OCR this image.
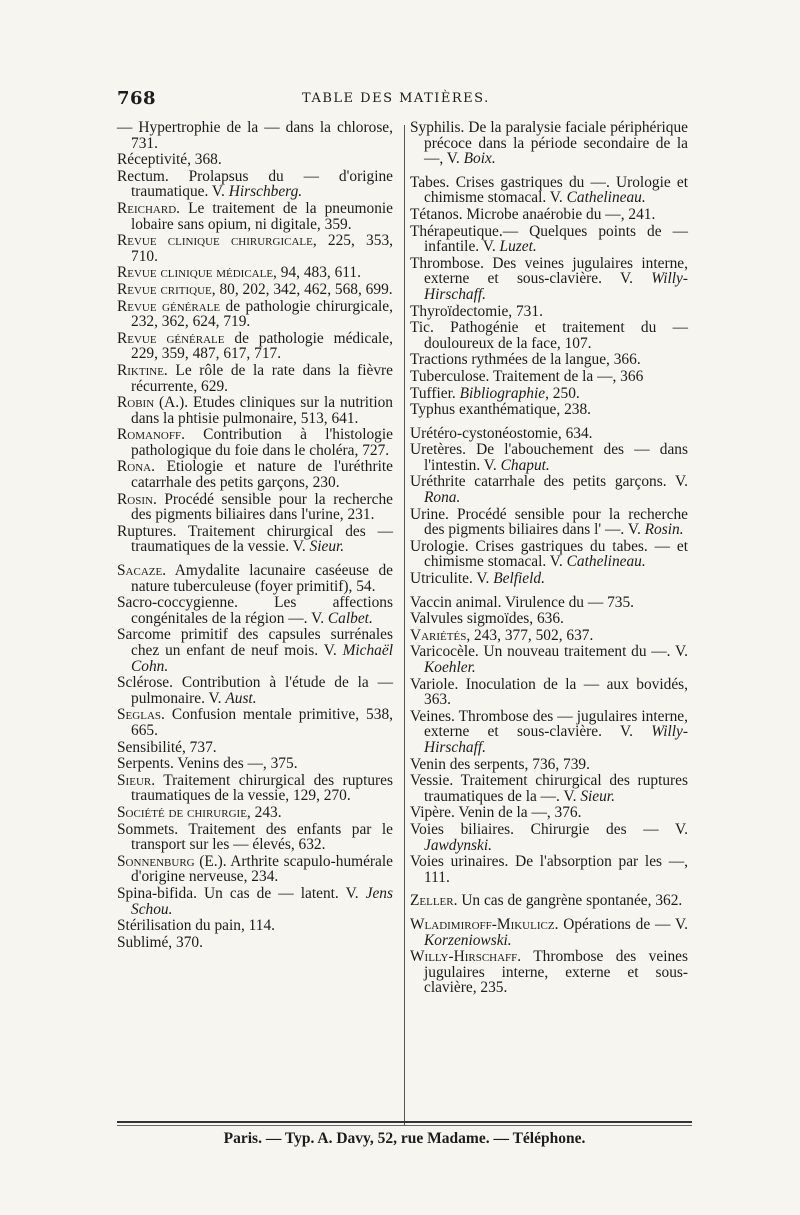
768	TABLE DES MATIÈRES.

— Hypertrophie de la — dans la chlorose, 731.

Réceptivité, 368.

Rectum. Prolapsus du — d'origine traumatique. V. Hirschberg.

Reichard. Le traitement de la pneumonie lobaire sans opium, ni digitale, 359.

Revue clinique chirurgicale, 225, 353, 710.

Revue clinique médicale, 94, 483, 611.

Revue critique, 80, 202, 342, 462, 568, 699.

Revue générale de pathologie chirurgicale, 232, 362, 624, 719.

Revue générale de pathologie médicale, 229, 359, 487, 617, 717.

Riktine. Le rôle de la rate dans la fièvre récurrente, 629.

Robin (A.). Etudes cliniques sur la nutrition dans la phtisie pulmonaire, 513, 641.

Romanoff. Contribution à l'histologie pathologique du foie dans le choléra, 727.

Rona. Etiologie et nature de l'uréthrite catarrhale des petits garçons, 230.

Rosin. Procédé sensible pour la recherche des pigments biliaires dans l'urine, 231.

Ruptures. Traitement chirurgical des — traumatiques de la vessie. V. Sieur.

Sacaze. Amydalite lacunaire caséeuse de nature tuberculeuse (foyer primitif), 54.

Sacro-coccygienne. Les affections congénitales de la région —. V. Calbet.

Sarcome primitif des capsules surrénales chez un enfant de neuf mois. V. Michaël Cohn.

Sclérose. Contribution à l'étude de la — pulmonaire. V. Aust.

Seglas. Confusion mentale primitive, 538, 665.

Sensibilité, 737.

Serpents. Venins des —, 375.

Sieur. Traitement chirurgical des ruptures traumatiques de la vessie, 129, 270.

Société de chirurgie, 243.

Sommets. Traitement des enfants par le transport sur les — élevés, 632.

Sonnenburg (E.). Arthrite scapulo-humérale d'origine nerveuse, 234.

Spina-bifida. Un cas de — latent. V. Jens Schou.

Stérilisation du pain, 114.

Sublimé, 370.

Syphilis. De la paralysie faciale périphérique précoce dans la période secondaire de la —, V. Boix.

Tabes. Crises gastriques du —. Urologie et chimisme stomacal. V. Cathelineau.

Tétanos. Microbe anaérobie du —, 241.

Thérapeutique.— Quelques points de — infantile. V. Luzet.

Thrombose. Des veines jugulaires interne, externe et sous-clavière. V. Willy-Hirschaff.

Thyroïdectomie, 731.

Tic. Pathogénie et traitement du — douloureux de la face, 107.

Tractions rythmées de la langue, 366.

Tuberculose. Traitement de la —, 366

Tuffier. Bibliographie, 250.

Typhus exanthématique, 238.

Urétéro-cystonéostomie, 634.

Uretères. De l'abouchement des — dans l'intestin. V. Chaput.

Uréthrite catarrhale des petits garçons. V. Rona.

Urine. Procédé sensible pour la recherche des pigments biliaires dans l' —. V. Rosin.

Urologie. Crises gastriques du tabes. — et chimisme stomacal. V. Cathelineau.

Utriculite. V. Belfield.

Vaccin animal. Virulence du — 735.

Valvules sigmoïdes, 636.

Variétés, 243, 377, 502, 637.

Varicocèle. Un nouveau traitement du —. V. Koehler.

Variole. Inoculation de la — aux bovidés, 363.

Veines. Thrombose des — jugulaires interne, externe et sous-clavière. V. Willy-Hirschaff.

Venin des serpents, 736, 739.

Vessie. Traitement chirurgical des ruptures traumatiques de la —. V. Sieur.

Vipère. Venin de la —, 376.

Voies biliaires. Chirurgie des — V. Jawdynski.

Voies urinaires. De l'absorption par les —, 111.

Zeller. Un cas de gangrène spontanée, 362.

Wladimiroff-Mikulicz. Opérations de — V. Korzeniowski.

Willy-Hirschaff. Thrombose des veines jugulaires interne, externe et sous-clavière, 235.

Paris. — Typ. A. Davy, 52, rue Madame. — Téléphone.
